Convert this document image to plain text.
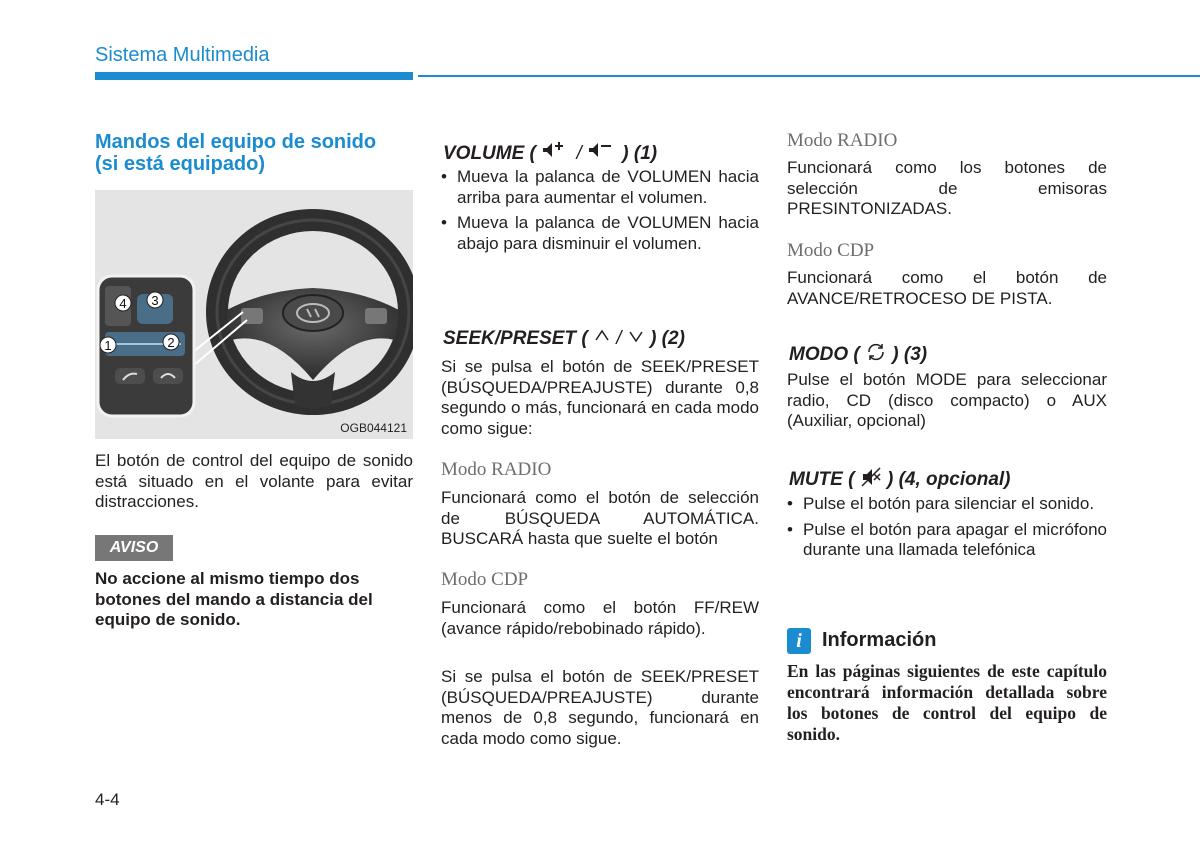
Sistema Multimedia
Mandos del equipo de sonido
(si está equipado)
4 3
1	2
OGB044121
El botón de control del equipo de sonido está situado en el volante para evitar distracciones.
AVISO
No accione al mismo tiempo dos botones del mando a distancia del equipo de sonido.
VOLUME ( / ) (1)
• Mueva la palanca de VOLUMEN hacia arriba para aumentar el volumen.
• Mueva la palanca de VOLUMEN hacia abajo para disminuir el volumen.
SEEK/PRESET ( / ) (2)
Si se pulsa el botón de SEEK/PRESET (BÚSQUEDA/PREAJUSTE) durante 0,8 segundo o más, funcionará en cada modo como sigue:
Modo RADIO
Funcionará como el botón de selección de BÚSQUEDA AUTOMÁTICA. BUSCARÁ hasta que suelte el botón
Modo CDP
Funcionará como el botón FF/REW (avance rápido/rebobinado rápido).
Si se pulsa el botón de SEEK/PRESET (BÚSQUEDA/PREAJUSTE) durante menos de 0,8 segundo, funcionará en cada modo como sigue.
Modo RADIO
Funcionará como los botones de selección de emisoras PRESINTONIZADAS.
Modo CDP
Funcionará como el botón de AVANCE/RETROCESO DE PISTA.
MODO ( ) (3)
Pulse el botón MODE para seleccionar radio, CD (disco compacto) o AUX (Auxiliar, opcional)
MUTE ( ) (4, opcional)
• Pulse el botón para silenciar el sonido.
• Pulse el botón para apagar el micrófono durante una llamada telefónica
i	Información
En las páginas siguientes de este capítulo encontrará información detallada sobre los botones de control del equipo de sonido.
4-4
